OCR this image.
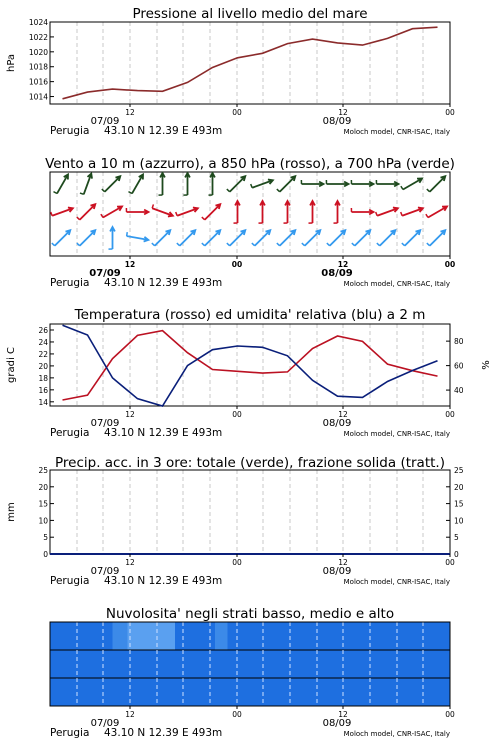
Pressione al livello medio del mare
1014
1016
1018
1020
1022
1024
hPa
12	00	12	00
07/09	08/09
Perugia 43.10 N 12.39 E 493m	Moloch model, CNR-ISAC, Italy
Vento a 10 m (azzurro), a 850 hPa (rosso), a 700 hPa (verde)
12	00	12	00
07/09	08/09
Perugia 43.10 N 12.39 E 493m	Moloch model, CNR-ISAC, Italy
Temperatura (rosso) ed umidita' relativa (blu) a 2 m
14
16
18
20
22
24
26
40
60
80
gradi C	%
12	00	12	00
07/09	08/09
Perugia 43.10 N 12.39 E 493m	Moloch model, CNR-ISAC, Italy
Precip. acc. in 3 ore: totale (verde), frazione solida (tratt.)
0
5
10
15
20
25
0
5
10
15
20
25
mm
12	00	12	00
07/09	08/09
Perugia 43.10 N 12.39 E 493m	Moloch model, CNR-ISAC, Italy
Nuvolosita' negli strati basso, medio e alto
12	00	12	00
07/09	08/09
Perugia 43.10 N 12.39 E 493m	Moloch model, CNR-ISAC, Italy
